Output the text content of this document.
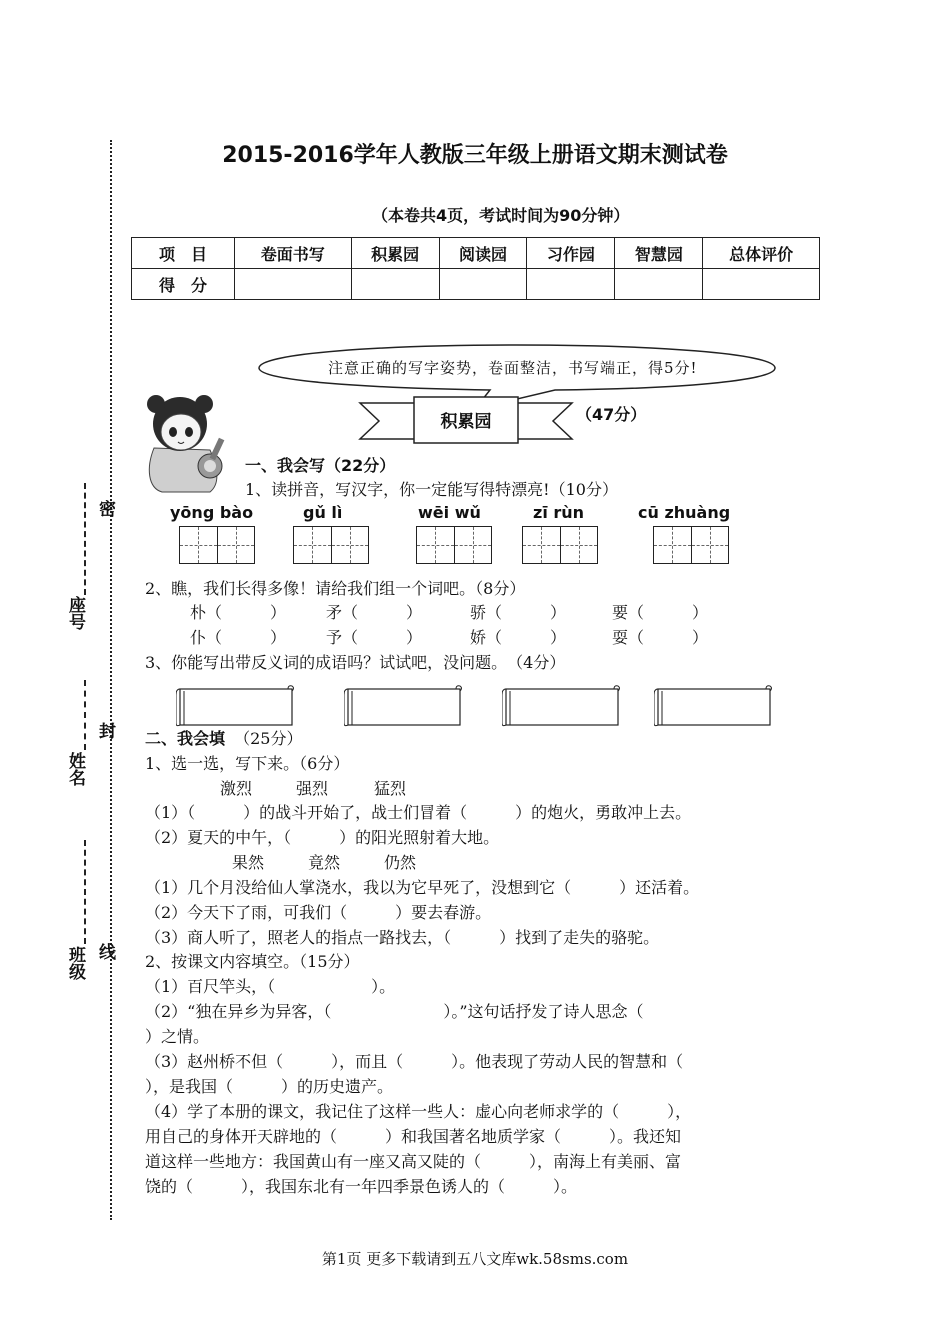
密
封
线
座号
姓名
班级
2015-2016学年人教版三年级上册语文期末测试卷
（本卷共4页，考试时间为90分钟）
项　目	卷面书写	积累园	阅读园	习作园	智慧园	总体评价
得　分						
注意正确的写字姿势，卷面整洁，书写端正，得5分!
积累园	（47分）
一、我会写（22分）
1、读拼音，写汉字，你一定能写得特漂亮!（10分）
yōng bào	gǔ lì	wēi wǔ	zī rùn	cū zhuàng
2、瞧，我们长得多像！请给我们组一个词吧。（8分）
朴（　　　） 矛（　　　）	骄（　　　）	要（　　　）
仆（　　　） 予（　　　）	娇（　　　）	耍（　　　）
3、你能写出带反义词的成语吗？试试吧，没问题。　（4分）
二、我会填 （25分）
1、选一选，写下来。（6分）
激烈	强烈	猛烈
（1）（　　　）的战斗开始了，战士们冒着（　　　）的炮火，勇敢冲上去。
（2）夏天的中午，（　　　）的阳光照射着大地。
果然	竟然	仍然
（1）几个月没给仙人掌浇水，我以为它早死了，没想到它（　　　）还活着。
（2）今天下了雨，可我们（　　　）要去春游。
（3）商人听了，照老人的指点一路找去，（　　　）找到了走失的骆驼。
2、按课文内容填空。（15分）
（1）百尺竿头，（　　　　　　）。
（2）“独在异乡为异客，（　　　　　　　）。”这句话抒发了诗人思念（
）之情。
（3）赵州桥不但（　　　），而且（　　　）。他表现了劳动人民的智慧和（
），是我国（　　　）的历史遗产。
（4）学了本册的课文，我记住了这样一些人：虚心向老师求学的（　　　），
用自己的身体开天辟地的（　　　）和我国著名地质学家（　　　）。我还知
道这样一些地方：我国黄山有一座又高又陡的（　　　），南海上有美丽、富
饶的（　　　），我国东北有一年四季景色诱人的（　　　）。
第1页 更多下载请到五八文库wk.58sms.com
